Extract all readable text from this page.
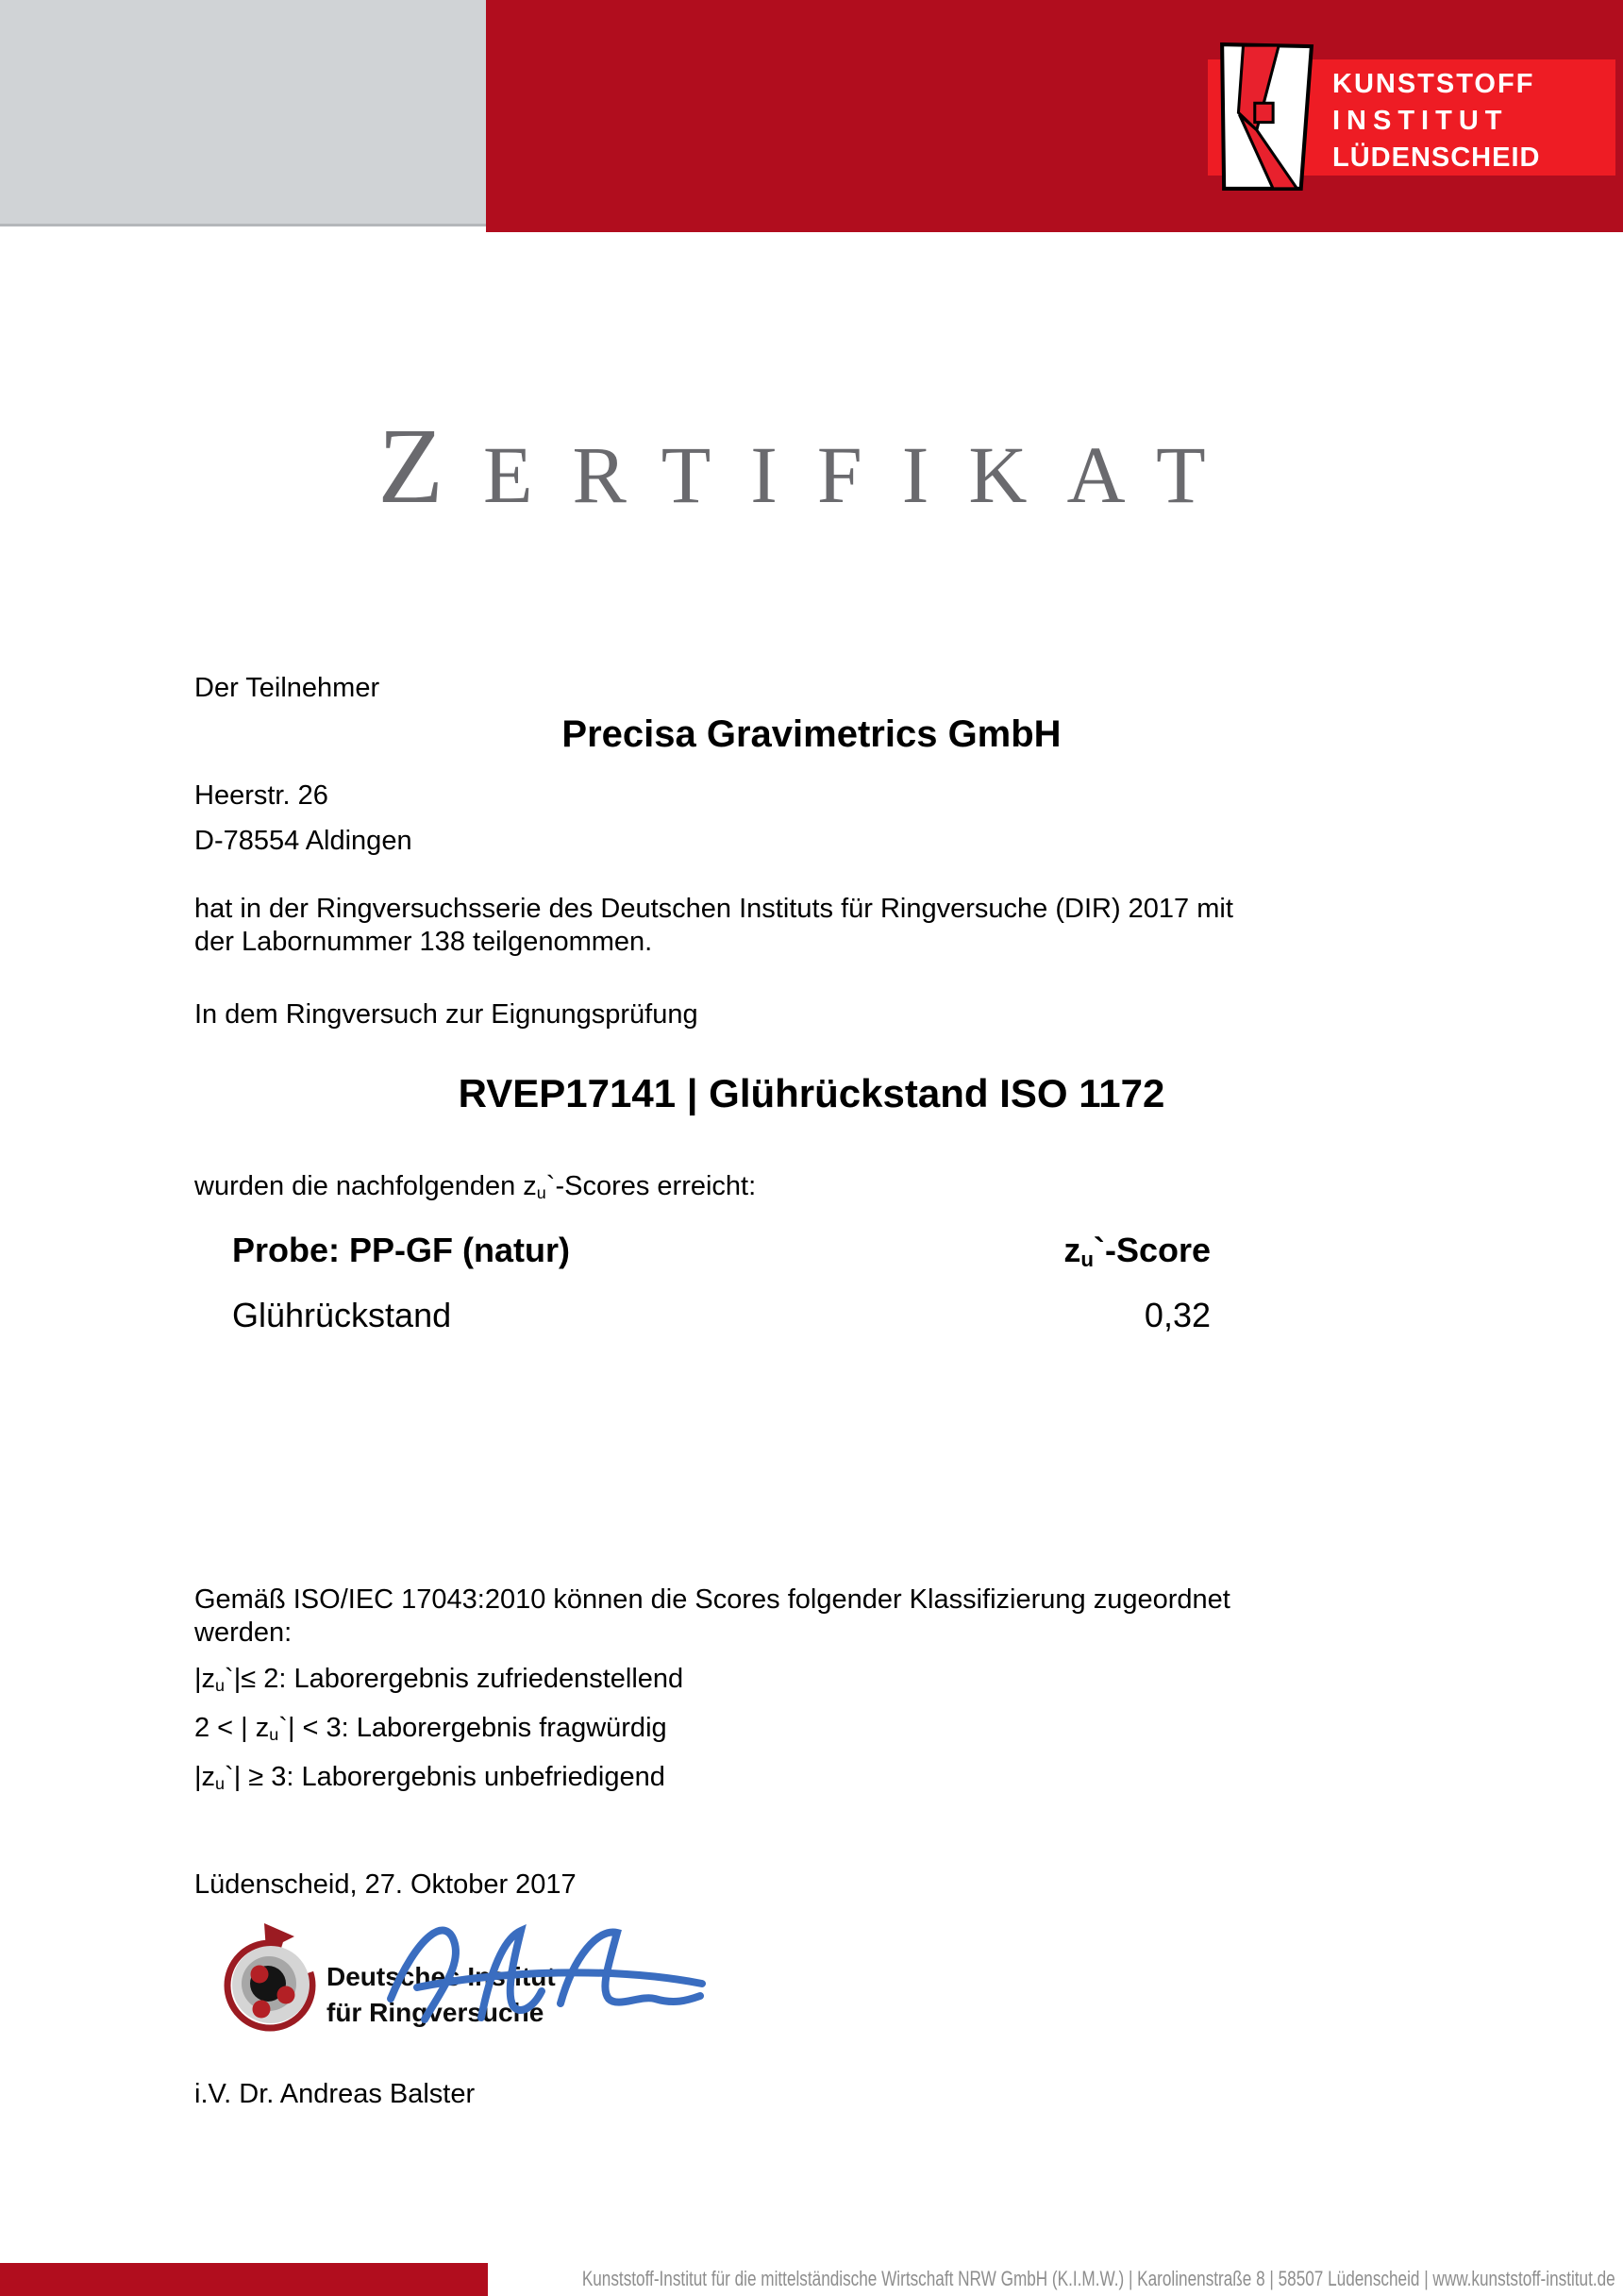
KUNSTSTOFF
INSTITUT
LÜDENSCHEID
ZERTIFIKAT
Der Teilnehmer
Precisa Gravimetrics GmbH
Heerstr. 26
D-78554 Aldingen
hat in der Ringversuchsserie des Deutschen Instituts für Ringversuche (DIR) 2017 mit
der Labornummer 138 teilgenommen.
In dem Ringversuch zur Eignungsprüfung
RVEP17141 | Glührückstand ISO 1172
wurden die nachfolgenden $z_u`$-Scores erreicht:
Probe: PP-GF (natur)	$z_u`$-Score
Glührückstand	0,32
Gemäß ISO/IEC 17043:2010 können die Scores folgender Klassifizierung zugeordnet
werden:
$|z_u`|\le 2$: Laborergebnis zufriedenstellend
2 < | $z_u`| < 3$: Laborergebnis fragwürdig
$|z_u`| \ge 3$: Laborergebnis unbefriedigend
Lüdenscheid, 27. Oktober 2017
Deutsches Institut
für Ringversuche
i.V. Dr. Andreas Balster
Kunststoff-Institut für die mittelständische Wirtschaft NRW GmbH (K.I.M.W.) | Karolinenstraße 8 | 58507 Lüdenscheid | www.kunststoff-institut.de
